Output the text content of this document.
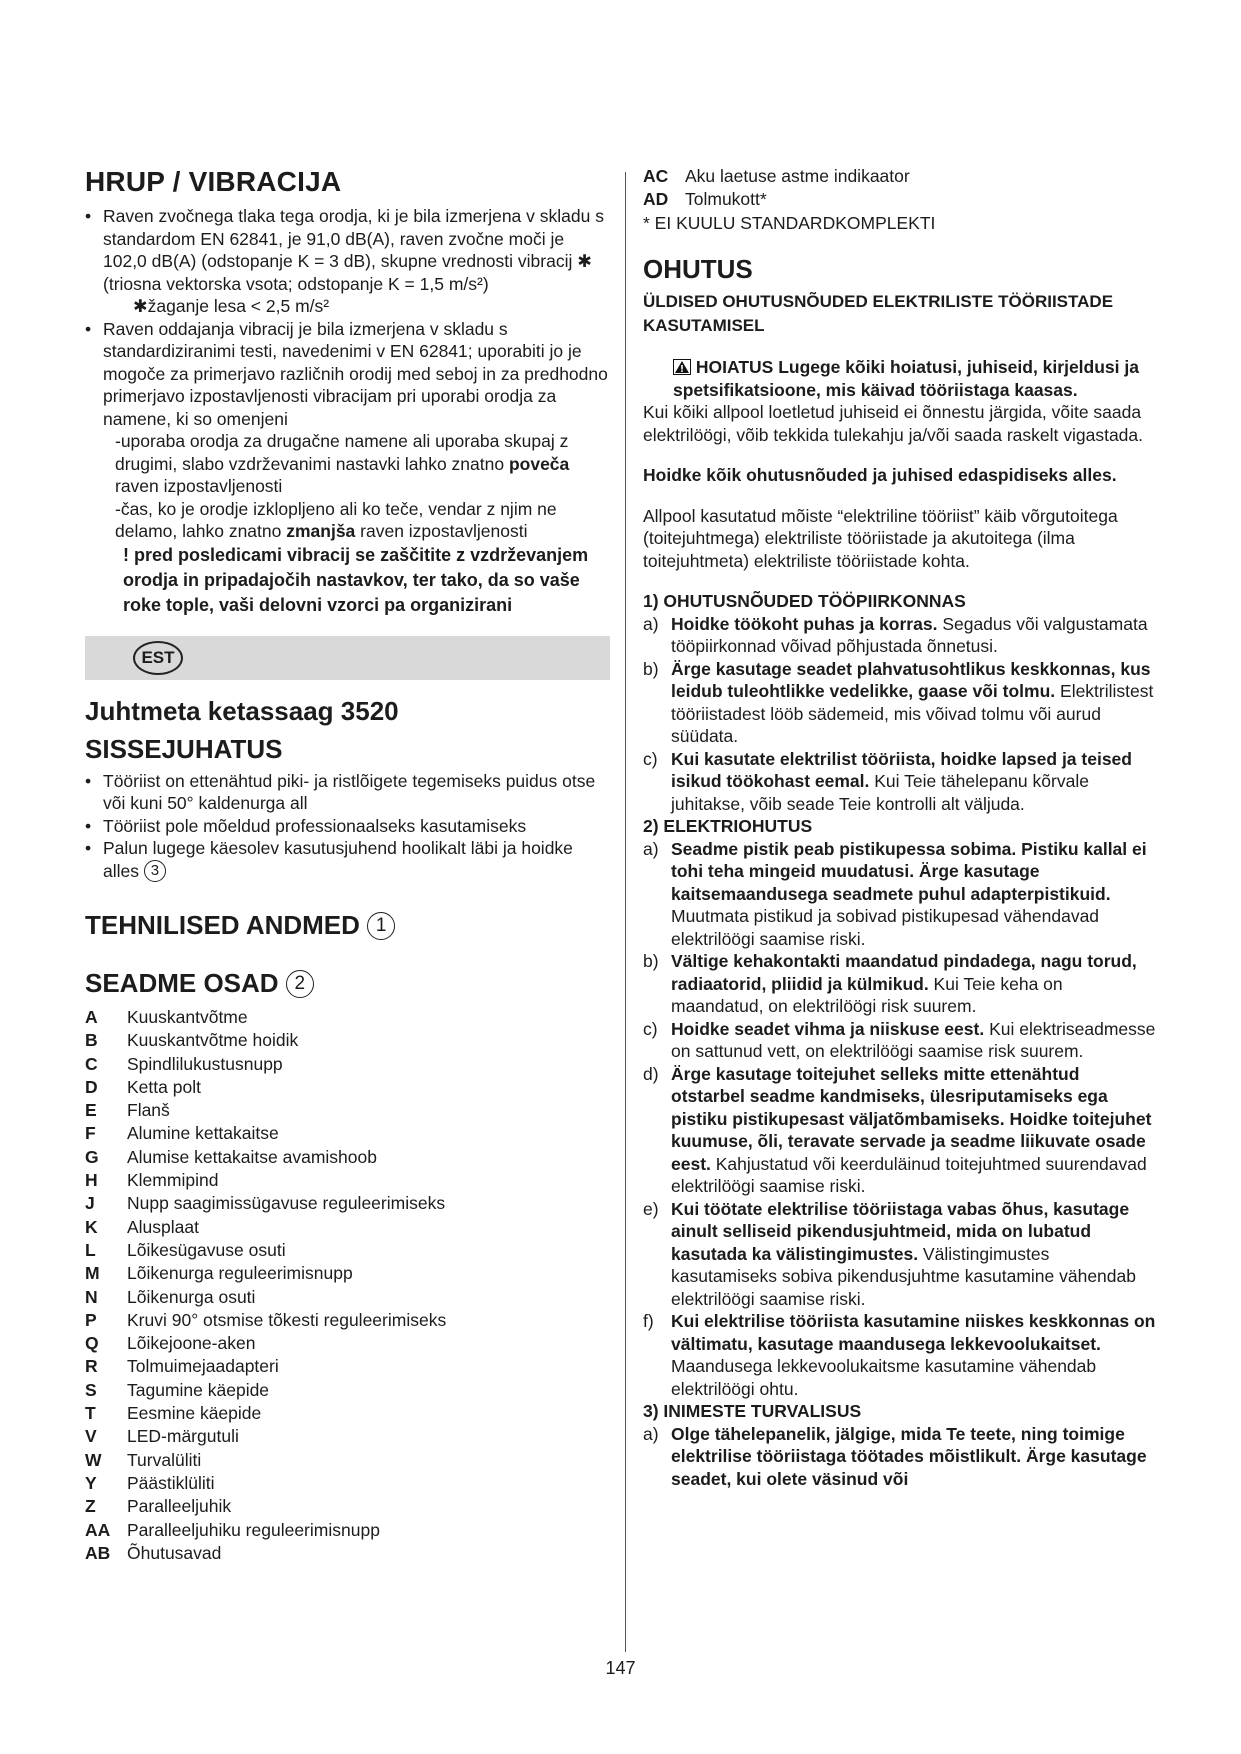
HRUP / VIBRACIJA
• Raven zvočnega tlaka tega orodja, ki je bila izmerjena v skladu s standardom EN 62841, je 91,0 dB(A), raven zvočne moči je 102,0 dB(A) (odstopanje K = 3 dB), skupne vrednosti vibracij ✱ (triosna vektorska vsota; odstopanje K = 1,5 m/s²)
✱žaganje lesa < 2,5 m/s²
• Raven oddajanja vibracij je bila izmerjena v skladu s standardiziranimi testi, navedenimi v EN 62841; uporabiti jo je mogoče za primerjavo različnih orodij med seboj in za predhodno primerjavo izpostavljenosti vibracijam pri uporabi orodja za namene, ki so omenjeni
-uporaba orodja za drugačne namene ali uporaba skupaj z drugimi, slabo vzdrževanimi nastavki lahko znatno poveča raven izpostavljenosti
-čas, ko je orodje izklopljeno ali ko teče, vendar z njim ne delamo, lahko znatno zmanjša raven izpostavljenosti
! pred posledicami vibracij se zaščitite z vzdrževanjem orodja in pripadajočih nastavkov, ter tako, da so vaše roke tople, vaši delovni vzorci pa organizirani
EST
Juhtmeta ketassaag 3520
SISSEJUHATUS
• Tööriist on ettenähtud piki- ja ristlõigete tegemiseks puidus otse või kuni 50° kaldenurga all
• Tööriist pole mõeldud professionaalseks kasutamiseks
• Palun lugege käesolev kasutusjuhend hoolikalt läbi ja hoidke alles 3
TEHNILISED ANDMED 1
SEADME OSAD 2
A	Kuuskantvõtme
B	Kuuskantvõtme hoidik
C	Spindlilukustusnupp
D	Ketta polt
E	Flanš
F	Alumine kettakaitse
G	Alumise kettakaitse avamishoob
H	Klemmipind
J	Nupp saagimissügavuse reguleerimiseks
K	Alusplaat
L	Lõikesügavuse osuti
M	Lõikenurga reguleerimisnupp
N	Lõikenurga osuti
P	Kruvi 90° otsmise tõkesti reguleerimiseks
Q	Lõikejoone-aken
R	Tolmuimejaadapteri
S	Tagumine käepide
T	Eesmine käepide
V	LED-märgutuli
W	Turvalüliti
Y	Päästiklüliti
Z	Paralleeljuhik
AA Paralleeljuhiku reguleerimisnupp
AB Õhutusavad
AC Aku laetuse astme indikaator
AD Tolmukott*
* EI KUULU STANDARDKOMPLEKTI
OHUTUS
ÜLDISED OHUTUSNÕUDED ELEKTRILISTE TÖÖRIISTADE KASUTAMISEL
HOIATUS Lugege kõiki hoiatusi, juhiseid, kirjeldusi ja spetsifikatsioone, mis käivad tööriistaga kaasas.
Kui kõiki allpool loetletud juhiseid ei õnnestu järgida, võite saada elektrilöögi, võib tekkida tulekahju ja/või saada raskelt vigastada.
Hoidke kõik ohutusnõuded ja juhised edaspidiseks alles.
Allpool kasutatud mõiste “elektriline tööriist” käib võrgutoitega (toitejuhtmega) elektriliste tööriistade ja akutoitega (ilma toitejuhtmeta) elektriliste tööriistade kohta.
1) OHUTUSNÕUDED TÖÖPIIRKONNAS
a) Hoidke töökoht puhas ja korras. Segadus või valgustamata tööpiirkonnad võivad põhjustada õnnetusi.
b) Ärge kasutage seadet plahvatusohtlikus keskkonnas, kus leidub tuleohtlikke vedelikke, gaase või tolmu. Elektrilistest tööriistadest lööb sädemeid, mis võivad tolmu või aurud süüdata.
c) Kui kasutate elektrilist tööriista, hoidke lapsed ja teised isikud töökohast eemal. Kui Teie tähelepanu kõrvale juhitakse, võib seade Teie kontrolli alt väljuda.
2) ELEKTRIOHUTUS
a) Seadme pistik peab pistikupessa sobima. Pistiku kallal ei tohi teha mingeid muudatusi. Ärge kasutage kaitsemaandusega seadmete puhul adapterpistikuid. Muutmata pistikud ja sobivad pistikupesad vähendavad elektrilöögi saamise riski.
b) Vältige kehakontakti maandatud pindadega, nagu torud, radiaatorid, pliidid ja külmikud. Kui Teie keha on maandatud, on elektrilöögi risk suurem.
c) Hoidke seadet vihma ja niiskuse eest. Kui elektriseadmesse on sattunud vett, on elektrilöögi saamise risk suurem.
d) Ärge kasutage toitejuhet selleks mitte ettenähtud otstarbel seadme kandmiseks, ülesriputamiseks ega pistiku pistikupesast väljatõmbamiseks. Hoidke toitejuhet kuumuse, õli, teravate servade ja seadme liikuvate osade eest. Kahjustatud või keerduläinud toitejuhtmed suurendavad elektrilöögi saamise riski.
e) Kui töötate elektrilise tööriistaga vabas õhus, kasutage ainult selliseid pikendusjuhtmeid, mida on lubatud kasutada ka välistingimustes. Välistingimustes kasutamiseks sobiva pikendusjuhtme kasutamine vähendab elektrilöögi saamise riski.
f) Kui elektrilise tööriista kasutamine niiskes keskkonnas on vältimatu, kasutage maandusega lekkevoolukaitset. Maandusega lekkevoolukaitsme kasutamine vähendab elektrilöögi ohtu.
3) INIMESTE TURVALISUS
a) Olge tähelepanelik, jälgige, mida Te teete, ning toimige elektrilise tööriistaga töötades mõistlikult. Ärge kasutage seadet, kui olete väsinud või
147
